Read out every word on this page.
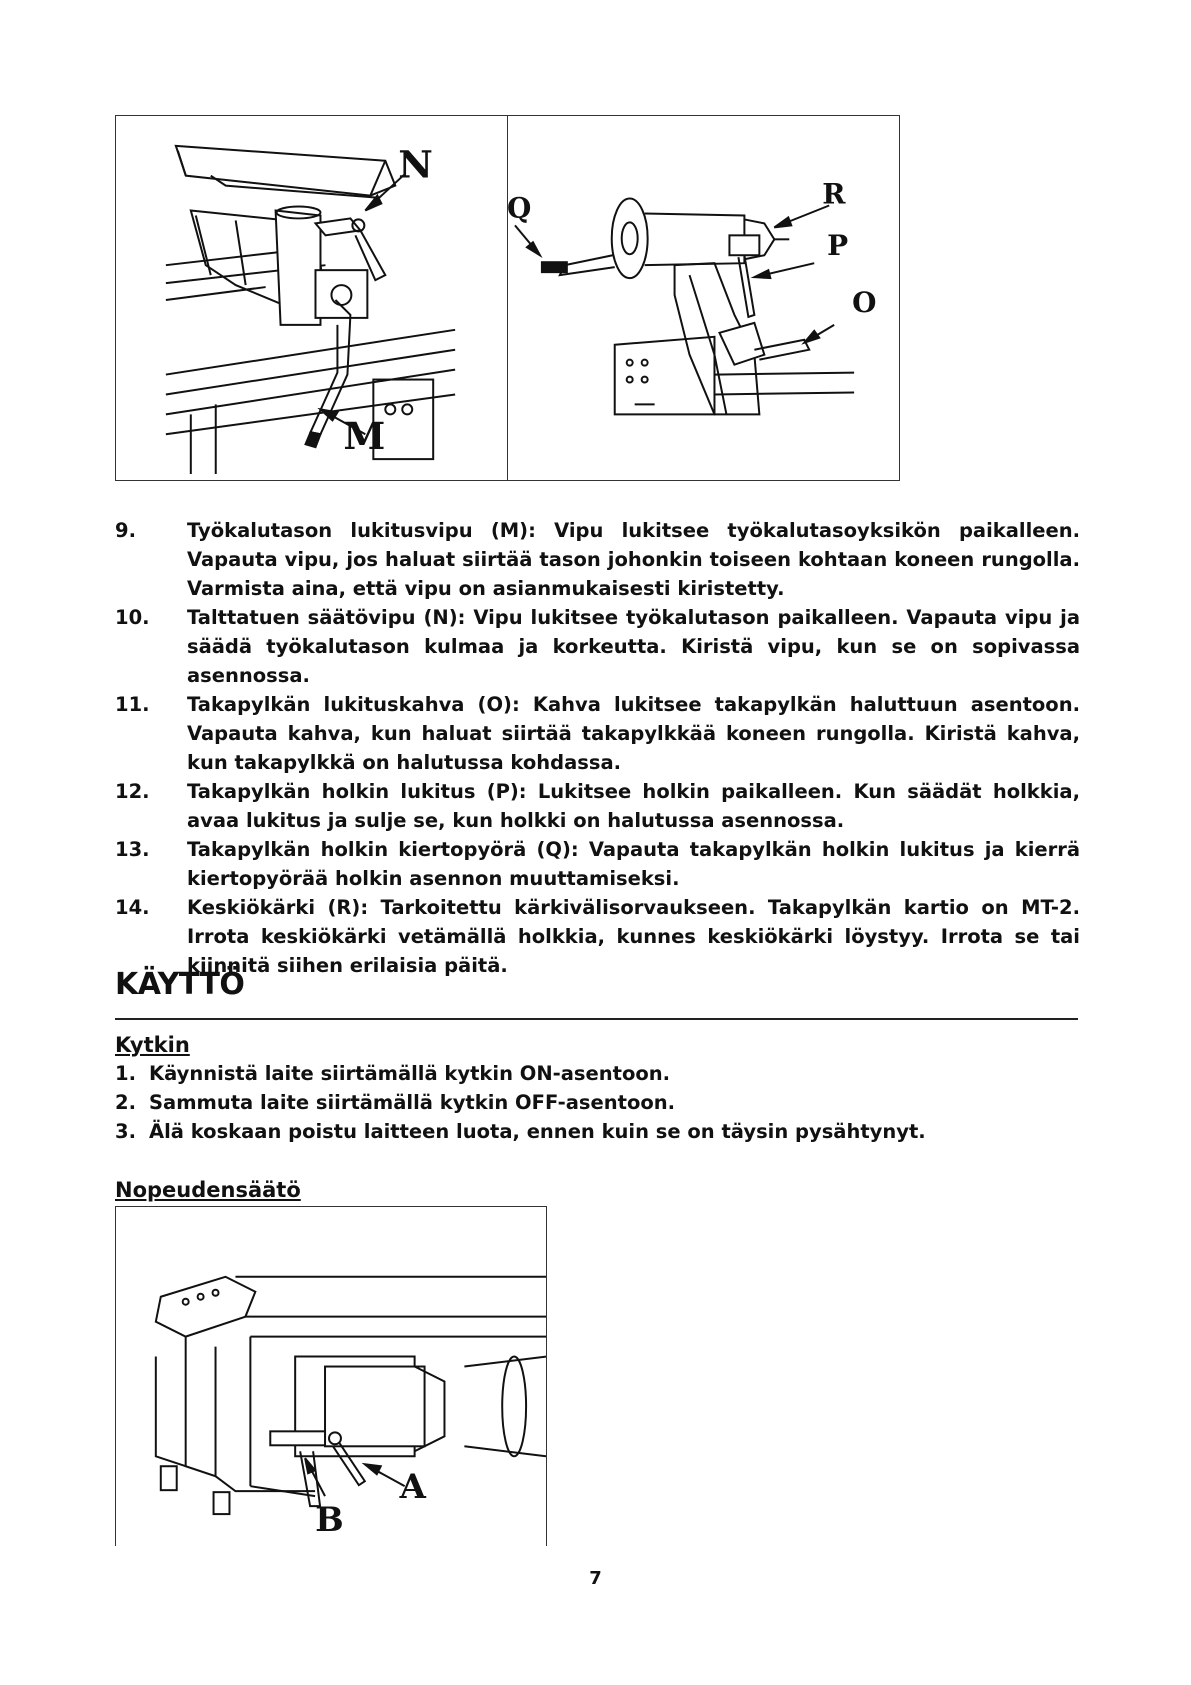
N
M
R
Q
P
O
9.	Työkalutason lukitusvipu (M): Vipu lukitsee työkalutasoyksikön paikalleen. Vapauta vipu, jos haluat siirtää tason johonkin toiseen kohtaan koneen rungolla. Varmista aina, että vipu on asianmukaisesti kiristetty.
10.	Talttatuen säätövipu (N): Vipu lukitsee työkalutason paikalleen. Vapauta vipu ja säädä työkalutason kulmaa ja korkeutta. Kiristä vipu, kun se on sopivassa asennossa.
11.	Takapylkän lukituskahva (O): Kahva lukitsee takapylkän haluttuun asentoon. Vapauta kahva, kun haluat siirtää takapylkkää koneen rungolla. Kiristä kahva, kun takapylkkä on halutussa kohdassa.
12.	Takapylkän holkin lukitus (P): Lukitsee holkin paikalleen. Kun säädät holkkia, avaa lukitus ja sulje se, kun holkki on halutussa asennossa.
13.	Takapylkän holkin kiertopyörä (Q): Vapauta takapylkän holkin lukitus ja kierrä kiertopyörää holkin asennon muuttamiseksi.
14.	Keskiökärki (R): Tarkoitettu kärkivälisorvaukseen. Takapylkän kartio on MT-2. Irrota keskiökärki vetämällä holkkia, kunnes keskiökärki löystyy. Irrota se tai kiinnitä siihen erilaisia päitä.
KÄYTTÖ
Kytkin
1. Käynnistä laite siirtämällä kytkin ON-asentoon.
2. Sammuta laite siirtämällä kytkin OFF-asentoon.
3. Älä koskaan poistu laitteen luota, ennen kuin se on täysin pysähtynyt.
Nopeudensäätö
A
B
7
